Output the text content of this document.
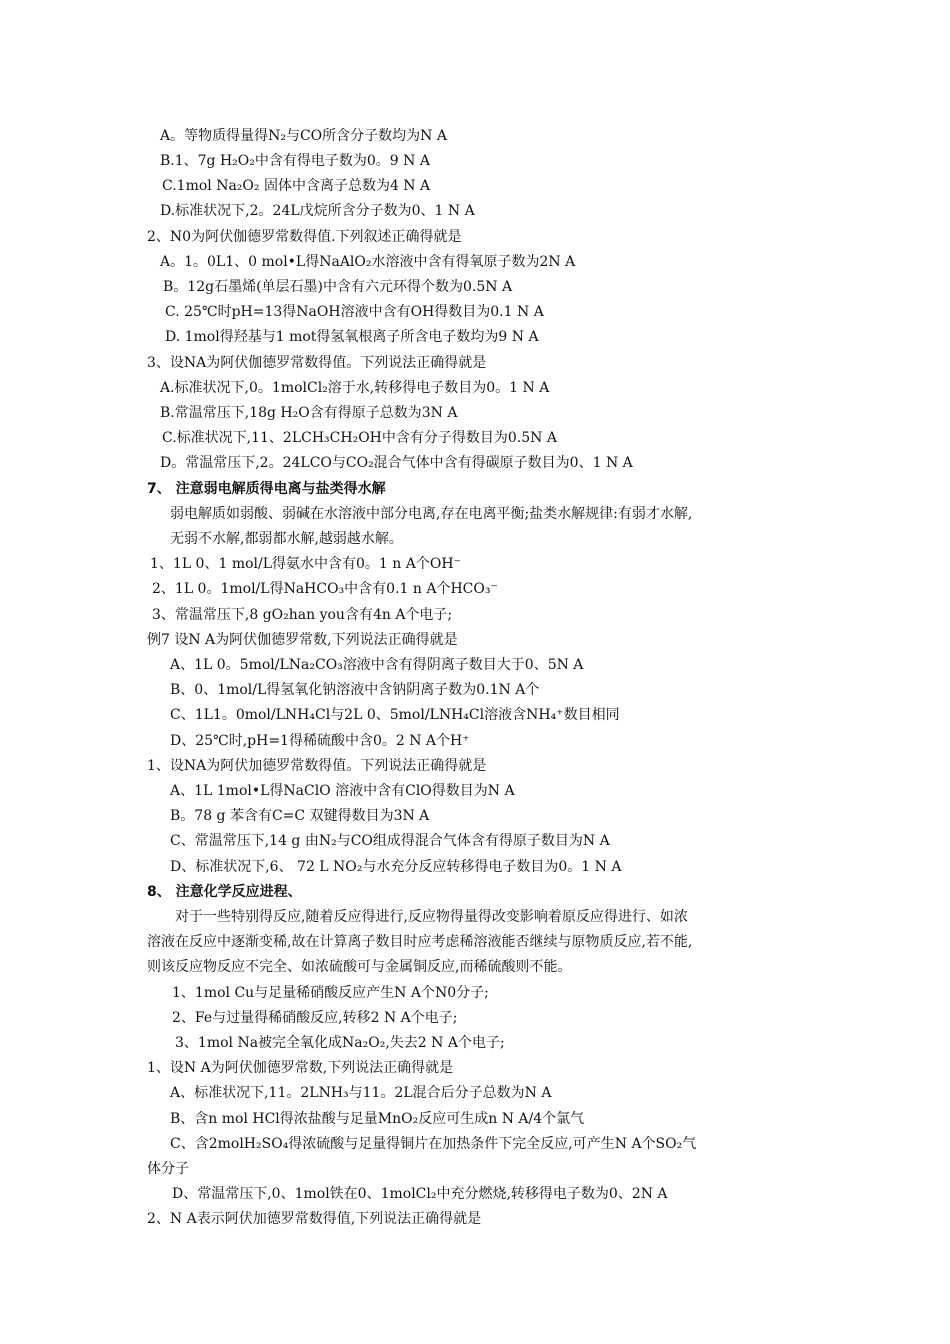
A。等物质得量得N₂与CO所含分子数均为N A
B.1、7g H₂O₂中含有得电子数为0。9 N A
C.1mol Na₂O₂ 固体中含离子总数为4 N A
D.标准状况下,2。24L戊烷所含分子数为0、1 N A
2、N0为阿伏伽德罗常数得值.下列叙述正确得就是
A。1。0L1、0 mol•L得NaAlO₂水溶液中含有得氧原子数为2N A
B。12g石墨烯(单层石墨)中含有六元环得个数为0.5N A
C. 25℃时pH=13得NaOH溶液中含有OH得数目为0.1 N A
D. 1mol得羟基与1 mot得氢氧根离子所含电子数均为9 N A
3、设NA为阿伏伽德罗常数得值。下列说法正确得就是
A.标准状况下,0。1molCl₂溶于水,转移得电子数目为0。1 N A
B.常温常压下,18g H₂O含有得原子总数为3N A
C.标准状况下,11、2LCH₃CH₂OH中含有分子得数目为0.5N A
D。常温常压下,2。24LCO与CO₂混合气体中含有得碳原子数目为0、1 N A
7、 注意弱电解质得电离与盐类得水解
弱电解质如弱酸、弱碱在水溶液中部分电离,存在电离平衡;盐类水解规律:有弱才水解,
无弱不水解,都弱都水解,越弱越水解。
1、1L 0、1 mol/L得氨水中含有0。1 n A个OH⁻
2、1L 0。1mol/L得NaHCO₃中含有0.1 n A个HCO₃⁻
3、常温常压下,8 gO₂han you含有4n A个电子;
例7 设N A为阿伏伽德罗常数,下列说法正确得就是
A、1L 0。5mol/LNa₂CO₃溶液中含有得阴离子数目大于0、5N A
B、0、1mol/L得氢氧化钠溶液中含钠阴离子数为0.1N A个
C、1L1。0mol/LNH₄Cl与2L 0、5mol/LNH₄Cl溶液含NH₄⁺数目相同
D、25℃时,pH=1得稀硫酸中含0。2 N A个H⁺
1、设NA为阿伏加德罗常数得值。下列说法正确得就是
A、1L 1mol•L得NaClO 溶液中含有ClO得数目为N A
B。78 g 苯含有C=C 双键得数目为3N A
C、常温常压下,14 g 由N₂与CO组成得混合气体含有得原子数目为N A
D、标准状况下,6、 72 L NO₂与水充分反应转移得电子数目为0。1 N A
8、 注意化学反应进程、
对于一些特别得反应,随着反应得进行,反应物得量得改变影响着原反应得进行、如浓
溶液在反应中逐渐变稀,故在计算离子数目时应考虑稀溶液能否继续与原物质反应,若不能,
则该反应物反应不完全、如浓硫酸可与金属铜反应,而稀硫酸则不能。
1、1mol Cu与足量稀硝酸反应产生N A个N0分子;
2、Fe与过量得稀硝酸反应,转移2 N A个电子;
3、1mol Na被完全氧化成Na₂O₂,失去2 N A个电子;
1、设N A为阿伏伽德罗常数,下列说法正确得就是
A、标准状况下,11。2LNH₃与11。2L混合后分子总数为N A
B、含n mol HCl得浓盐酸与足量MnO₂反应可生成n N A/4个氯气
C、含2molH₂SO₄得浓硫酸与足量得铜片在加热条件下完全反应,可产生N A个SO₂气
体分子
D、常温常压下,0、1mol铁在0、1molCl₂中充分燃烧,转移得电子数为0、2N A
2、N A表示阿伏加德罗常数得值,下列说法正确得就是
